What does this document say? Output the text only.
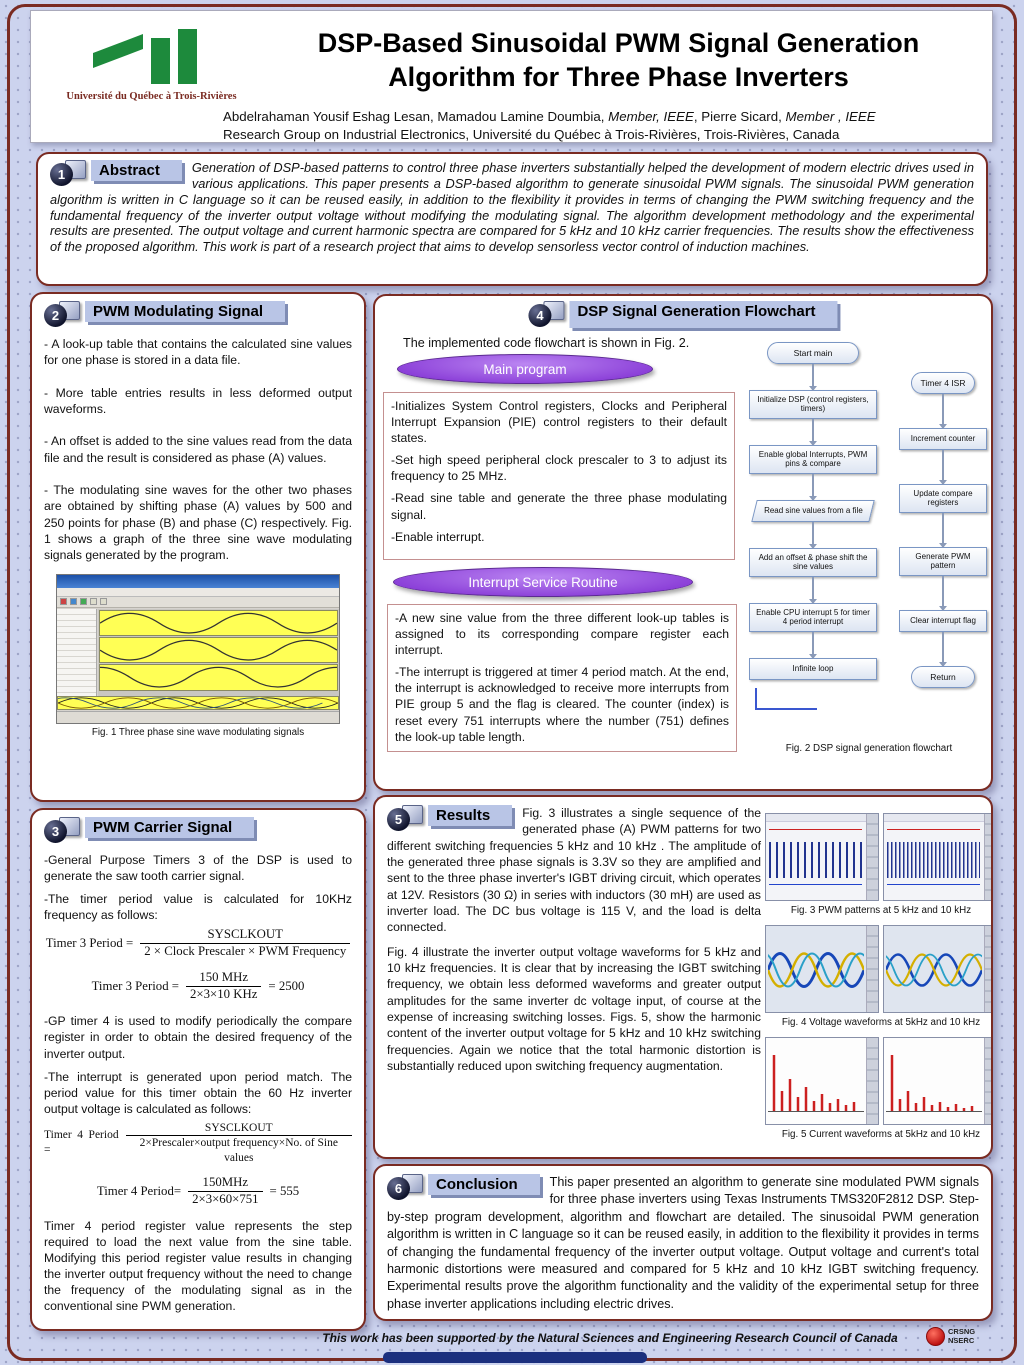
Université du Québec à Trois-Rivières
DSP-Based Sinusoidal PWM Signal Generation
Algorithm for Three Phase Inverters
Abdelrahaman Yousif Eshag Lesan, Mamadou Lamine Doumbia, Member, IEEE, Pierre Sicard, Member , IEEE
Research Group on Industrial Electronics, Université du Québec à Trois-Rivières, Trois-Rivières, Canada
1	Abstract	Generation of DSP-based patterns to control three phase inverters substantially helped the development of modern electric drives used in various applications. This paper presents a DSP-based algorithm to generate sinusoidal PWM signals. The sinusoidal PWM generation algorithm is written in C language so it can be reused easily, in addition to the flexibility it provides in terms of changing the PWM switching frequency and the fundamental frequency of the inverter output voltage without modifying the modulating signal. The algorithm development methodology and the experimental results are presented. The output voltage and current harmonic spectra are compared for 5 kHz and 10 kHz carrier frequencies. The results show the effectiveness of the proposed algorithm. This work is part of a research project that aims to develop sensorless vector control of induction machines.

2	PWM Modulating Signal

- A look-up table that contains the calculated sine values for one phase is stored in a data file.

- More table entries results in less deformed output waveforms.

- An offset is added to the sine values read from the data file and the result is considered as phase (A) values.

- The modulating sine waves for the other two phases are obtained by shifting phase (A) values by 500 and 250 points for phase (B) and phase (C) respectively. Fig. 1 shows a graph of the three sine wave modulating signals generated by the program.

Fig. 1 Three phase sine wave modulating signals
3	PWM Carrier Signal

-General Purpose Timers 3 of the DSP is used to generate the saw tooth carrier signal.

-The timer period value is calculated for 10KHz frequency as follows:

Timer 3 Period = $\frac{\text{SYSCLKOUT}}{\text{2 × Clock Prescaler × PWM Frequency}}$
Timer 3 Period = $\frac{\text{150 MHz}}{\text{2×3×10 KHz}} = 2500$

-GP timer 4 is used to modify periodically the compare register in order to obtain the desired frequency of the inverter output.

-The interrupt is generated upon period match. The period value for this timer obtain the 60 Hz inverter output voltage is calculated as follows:

Timer 4 Period =	$\frac{\text{SYSCLKOUT}}{\text{2×Prescaler×output frequency×No. of Sine values}}$
Timer 4 Period= $\frac{\text{150MHz}}{2\times 3\times 60\times 751} = 555$

Timer 4 period register value represents the step required to load the next value from the sine table. Modifying this period register value results in changing the inverter output frequency without the need to change the frequency of the modulating signal as in the conventional sine PWM generation.

4	DSP Signal Generation Flowchart
The implemented code flowchart is shown in Fig. 2.
Main program

-Initializes System Control registers, Clocks and Peripheral Interrupt Expansion (PIE) control registers to their default states.

-Set high speed peripheral clock prescaler to 3 to adjust its frequency to 25 MHz.

-Read sine table and generate the three phase modulating signal.

-Enable interrupt.

Interrupt Service Routine

-A new sine value from the three different look-up tables is assigned to its corresponding compare register each interrupt.

-The interrupt is triggered at timer 4 period match. At the end, the interrupt is acknowledged to receive more interrupts from PIE group 5 and the flag is cleared. The counter (index) is reset every 751 interrupts where the number (751) defines the look-up table length.

Start main
Initialize DSP (control registers, timers)
Enable global Interrupts, PWM pins & compare
Read sine values from a file
Add an offset & phase shift the sine values
Enable CPU interrupt 5 for timer 4 period interrupt
Infinite loop
Timer 4 ISR
Increment counter
Update compare registers
Generate PWM pattern
Clear interrupt flag
Return
Fig. 2 DSP signal generation flowchart
5	Results	Fig. 3 illustrates a single sequence of the generated phase (A) PWM patterns for two different switching frequencies 5 kHz and 10 kHz . The amplitude of the generated three phase signals is 3.3V so they are amplified and sent to the three phase inverter's IGBT driving circuit, which operates at 12V. Resistors (30 Ω) in series with inductors (30 mH) are used as inverter load. The DC bus voltage is 115 V, and the load is delta connected.

Fig. 4 illustrate the inverter output voltage waveforms for 5 kHz and 10 kHz frequencies. It is clear that by increasing the IGBT switching frequency, we obtain less deformed waveforms and greater output amplitudes for the same inverter dc voltage input, of course at the expense of increasing switching losses. Figs. 5, show the harmonic content of the inverter output voltage for 5 kHz and 10 kHz switching frequencies. Again we notice that the total harmonic distortion is substantially reduced upon switching frequency augmentation.

Fig. 3 PWM patterns at 5 kHz and 10 kHz
Fig. 4 Voltage waveforms at 5kHz and 10 kHz
Fig. 5 Current waveforms at 5kHz and 10 kHz
6	Conclusion	This paper presented an algorithm to generate sine modulated PWM signals for three phase inverters using Texas Instruments TMS320F2812 DSP. Step-by-step program development, algorithm and flowchart are detailed. The sinusoidal PWM generation algorithm is written in C language so it can be reused easily, in addition to the flexibility it provides in terms of changing the fundamental frequency of the inverter output voltage. Output voltage and current's total harmonic distortions were measured and compared for 5 kHz and 10 kHz IGBT switching frequency. Experimental results prove the algorithm functionality and the validity of the experimental setup for three phase inverter applications including electric drives.

This work has been supported by the Natural Sciences and Engineering Research Council of Canada	CRSNG
NSERC
